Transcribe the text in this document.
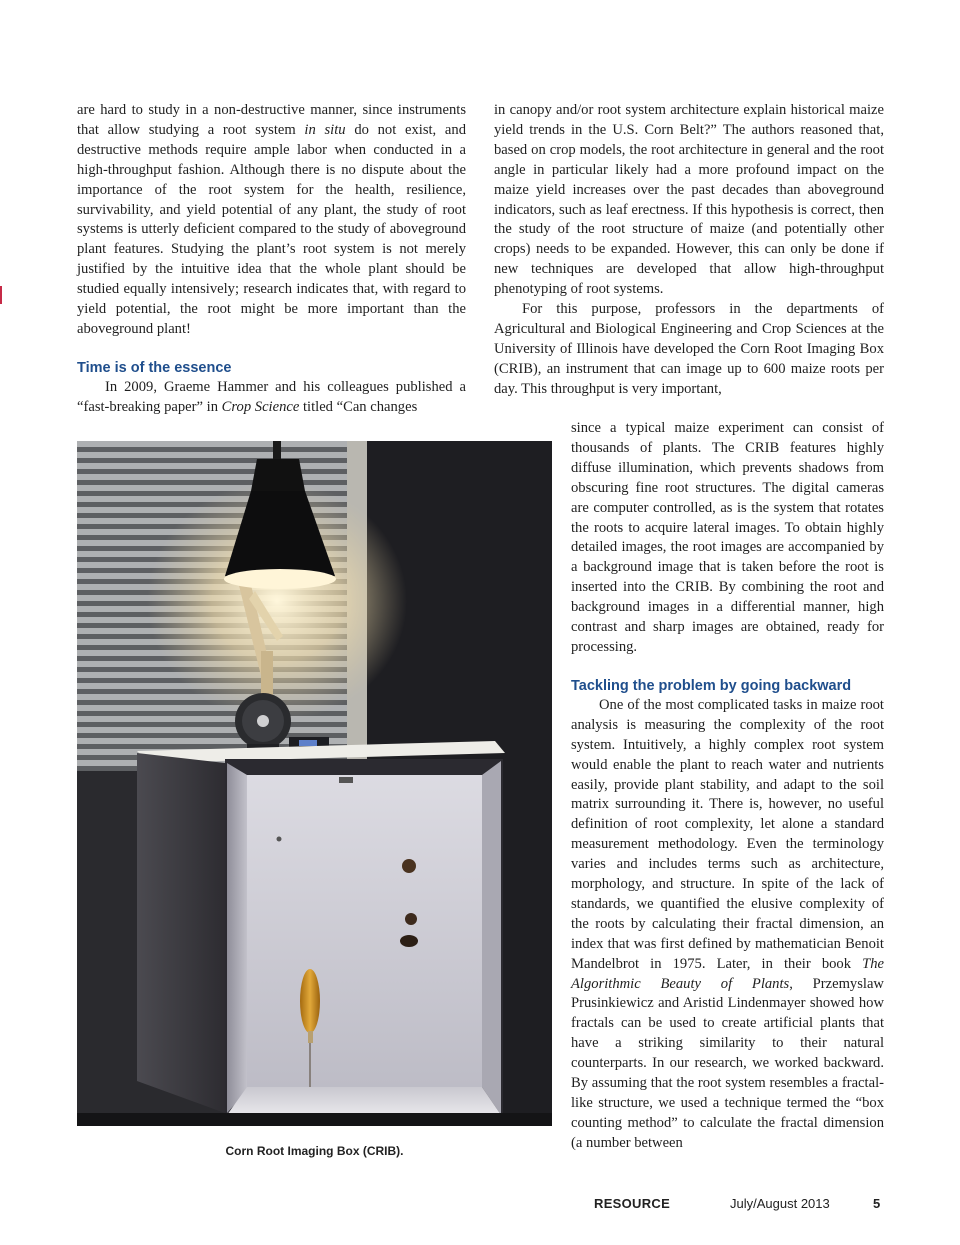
are hard to study in a non-destructive manner, since instruments that allow studying a root system in situ do not exist, and destructive methods require ample labor when conducted in a high-throughput fashion. Although there is no dispute about the importance of the root system for the health, resilience, survivability, and yield potential of any plant, the study of root systems is utterly deficient compared to the study of aboveground plant features. Studying the plant’s root system is not merely justified by the intuitive idea that the whole plant should be studied equally intensively; research indicates that, with regard to yield potential, the root might be more important than the aboveground plant!

Time is of the essence

In 2009, Graeme Hammer and his colleagues published a “fast-breaking paper” in Crop Science titled “Can changes

in canopy and/or root system architecture explain historical maize yield trends in the U.S. Corn Belt?” The authors reasoned that, based on crop models, the root architecture in general and the root angle in particular likely had a more profound impact on the maize yield increases over the past decades than aboveground indicators, such as leaf erectness. If this hypothesis is correct, then the study of the root structure of maize (and potentially other crops) needs to be expanded. However, this can only be done if new techniques are developed that allow high-throughput phenotyping of root systems.

For this purpose, professors in the departments of Agricultural and Biological Engineering and Crop Sciences at the University of Illinois have developed the Corn Root Imaging Box (CRIB), an instrument that can image up to 600 maize roots per day. This throughput is very important,

since a typical maize experiment can consist of thousands of plants. The CRIB features highly diffuse illumination, which prevents shadows from obscuring fine root structures. The digital cameras are computer controlled, as is the system that rotates the roots to acquire lateral images. To obtain highly detailed images, the root images are accompanied by a background image that is taken before the root is inserted into the CRIB. By combining the root and background images in a differential manner, high contrast and sharp images are obtained, ready for processing.

Tackling the problem by going backward

One of the most complicated tasks in maize root analysis is measuring the complexity of the root system. Intuitively, a highly complex root system would enable the plant to reach water and nutrients easily, provide plant stability, and adapt to the soil matrix surrounding it. There is, however, no useful definition of root complexity, let alone a standard measurement methodology. Even the terminology varies and includes terms such as architecture, morphology, and structure. In spite of the lack of standards, we quantified the elusive complexity of the roots by calculating their fractal dimension, an index that was first defined by mathematician Benoit Mandelbrot in 1975. Later, in their book The Algorithmic Beauty of Plants, Przemyslaw Prusinkiewicz and Aristid Lindenmayer showed how fractals can be used to create artificial plants that have a striking similarity to their natural counterparts. In our research, we worked backward. By assuming that the root system resembles a fractal-like structure, we used a technique termed the “box counting method” to calculate the fractal dimension (a number between

Corn Root Imaging Box (CRIB).
RESOURCE	July/August 2013	5
